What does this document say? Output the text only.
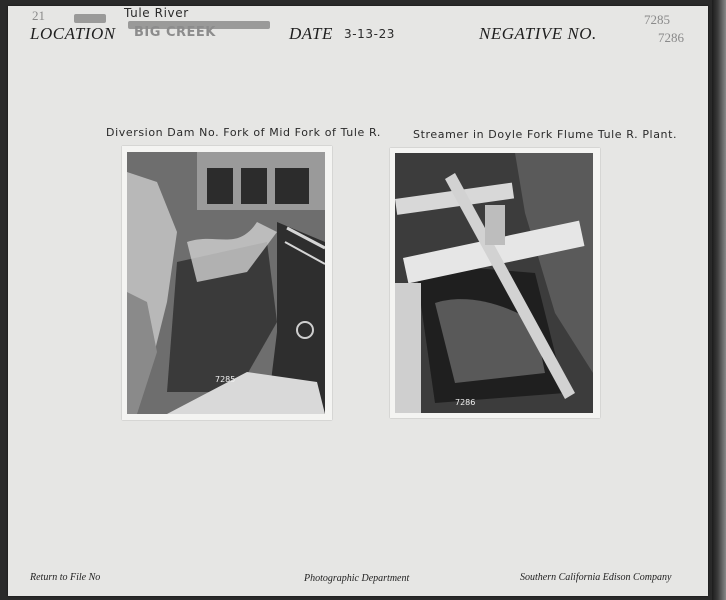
21	Tule River
BIG CREEK
LOCATION	DATE 3-13-23	NEGATIVE NO.
7285
7286
Diversion Dam No. Fork of Mid Fork of Tule R.	Streamer in Doyle Fork Flume Tule R. Plant.
7285
7286
Return to File No	Photographic Department	Southern California Edison Company
